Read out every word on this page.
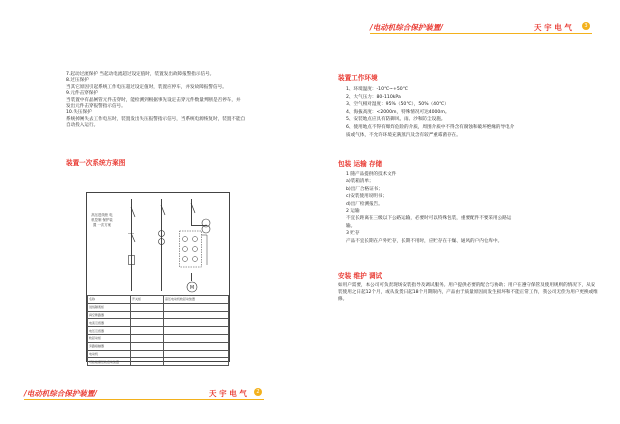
/电动机综合保护装置/	天 宇 电 气	3
/电动机综合保护装置/	天 宇 电 气	2
7.起动过流保护 当起动电流超过设定值时，装置发出故障报警指示信号。
8.过压保护
当其它原因引起系统工作电压超过设定值时，装置应停车，并发故障报警信号。
9.元件击穿保护
当装置中有晶闸管元件击穿时，能检测到根据事先设定击穿元件数量判断是否停车，并
发出元件击穿报警指示信号。
10.失压保护
系统掉闸失去工作电压时，装置发出失压报警指示信号，当系统电源恢复时，装置不能自
自动投入运行。
装置一次系统方案图
高压进线柜 电机控制 保护装置 一次方案
M
名称	开关柜	高压电动机软起动装置
进线隔离柜		
真空断路器		
电流互感器		
电压互感器		
软起动柜		
旁路接触器		
电动机		
可控硅高压软启动装置		
装置工作环境
1、环境温度：-10℃~+50℃
2、大气压力：80-110kPa
3、空气相对湿度：95%（50℃），50%（40℃）
4、海拔高度：<2000m，特殊情况可达4000m。
5、安装地点应具有防御风、雨、沙和防尘设施。
6、使用地点不得有爆炸危险的介质，周围介质中不得含有腐蚀和破坏绝缘的导电介
质或气体，不允许环境充满蒸汽及含有较严重霉菌存在。
包装 运输 存储
1 随产品提供的技术文件
a)装箱清单；
b)出厂合格证书；
c)安装使用说明书；
d)出厂检测报告。
2 运输
不宜长距离在三级以下公路运输，必要时可以特殊包装，重要配件不要采用公路运
输。
3 贮存
产品不宜长期在户外贮存，长期不用时，应贮存在干燥、通风的户内仓库中。
安装 维护 调试
如用户需要，本公司可负责现场安装指导及调试服务。用户提供必要的配合与协助；用户在遵守保管及使用规则的情况下，从安装使用之日起12个月，或从发货日起18个月期限内，产品由于质量原因而发生损坏和不能正常工作，我公司无偿为用户更换或维修。
